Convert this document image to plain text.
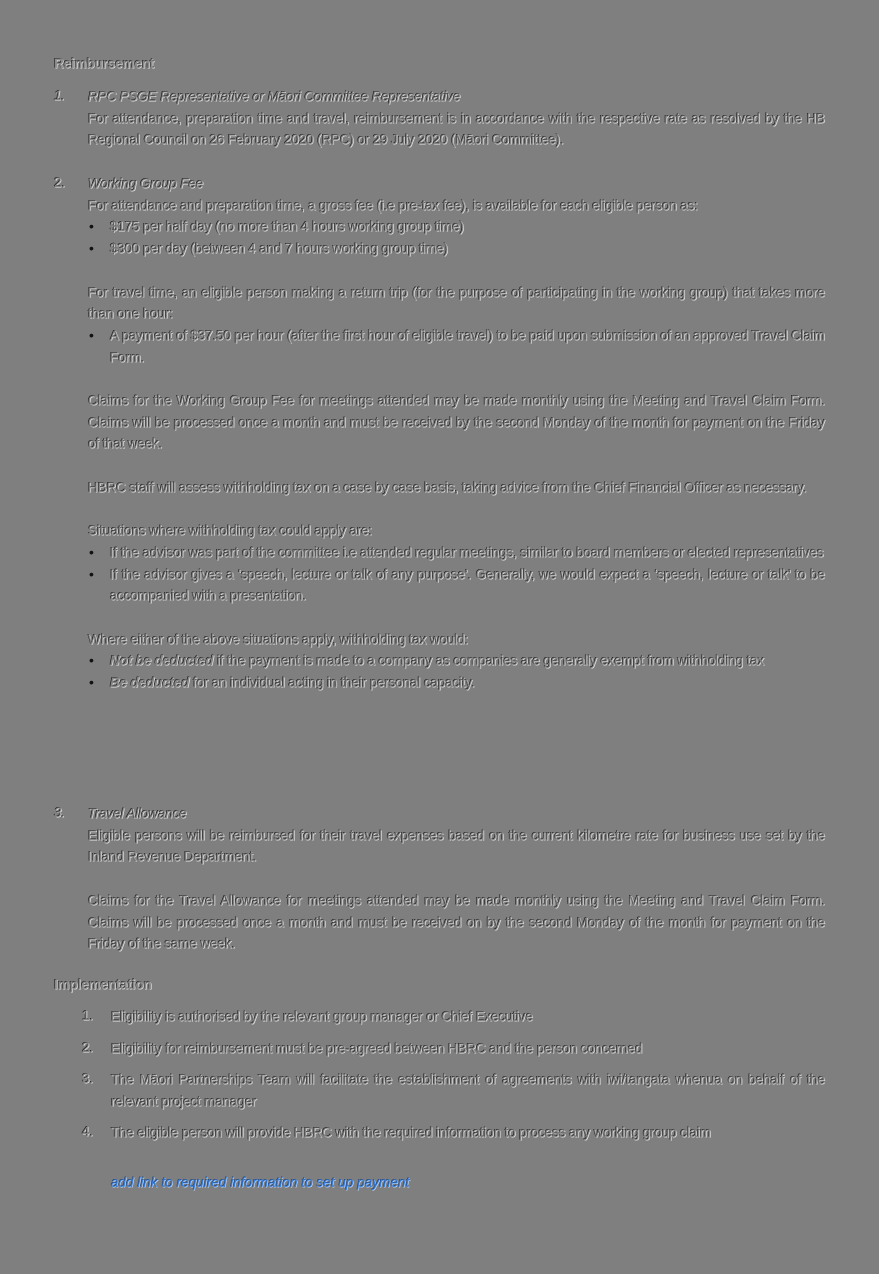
Reimbursement
1. RPC PSGE Representative or Māori Committee Representative
For attendance, preparation time and travel, reimbursement is in accordance with the respective rate as resolved by the HB Regional Council on 26 February 2020 (RPC) or 29 July 2020 (Māori Committee).
2. Working Group Fee
For attendance and preparation time, a gross fee (i.e pre-tax fee), is available for each eligible person as:
• $175 per half day (no more than 4 hours working group time)
• $300 per day (between 4 and 7 hours working group time)
For travel time, an eligible person making a return trip (for the purpose of participating in the working group) that takes more than one hour:
• A payment of $37.50 per hour (after the first hour of eligible travel) to be paid upon submission of an approved Travel Claim Form.
Claims for the Working Group Fee for meetings attended may be made monthly using the Meeting and Travel Claim Form. Claims will be processed once a month and must be received by the second Monday of the month for payment on the Friday of that week.
HBRC staff will assess withholding tax on a case by case basis, taking advice from the Chief Financial Officer as necessary.
Situations where withholding tax could apply are:
• If the advisor was part of the committee i.e attended regular meetings, similar to board members or elected representatives
• If the advisor gives a ‘speech, lecture or talk of any purpose’. Generally, we would expect a ‘speech, lecture or talk’ to be accompanied with a presentation.
Where either of the above situations apply, withholding tax would:
• Not be deducted if the payment is made to a company as companies are generally exempt from withholding tax
• Be deducted for an individual acting in their personal capacity.
3. Travel Allowance
Eligible persons will be reimbursed for their travel expenses based on the current kilometre rate for business use set by the Inland Revenue Department.
Claims for the Travel Allowance for meetings attended may be made monthly using the Meeting and Travel Claim Form. Claims will be processed once a month and must be received on by the second Monday of the month for payment on the Friday of the same week.
Implementation
1. Eligibility is authorised by the relevant group manager or Chief Executive
2. Eligibility for reimbursement must be pre-agreed between HBRC and the person concerned
3. The Māori Partnerships Team will facilitate the establishment of agreements with iwi/tangata whenua on behalf of the relevant project manager
4. The eligible person will provide HBRC with the required information to process any working group claim
add link to required information to set up payment
